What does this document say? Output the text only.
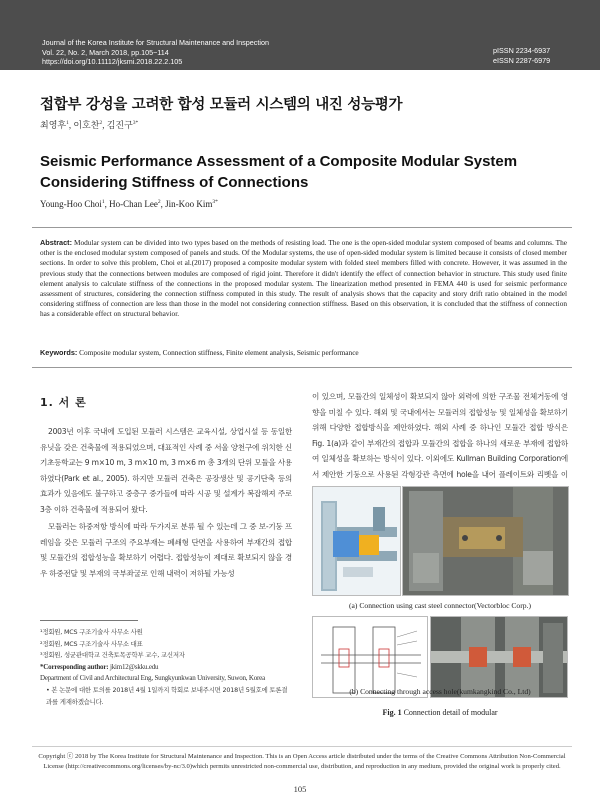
Journal of the Korea Institute for Structural Maintenance and Inspection
Vol. 22, No. 2, March 2018, pp.105~114
https://doi.org/10.11112/jksmi.2018.22.2.105
pISSN 2234-6937
eISSN 2287-6979
접합부 강성을 고려한 합성 모듈러 시스템의 내진 성능평가
최영후$^1$, 이호찬$^2$, 김진구$^{3*}$
Seismic Performance Assessment of a Composite Modular System Considering Stiffness of Connections
Young-Hoo Choi$^1$, Ho-Chan Lee$^2$, Jin-Koo Kim$^{3*}$
Abstract: Modular system can be divided into two types based on the methods of resisting load. The one is the open-sided modular system composed of beams and columns. The other is the enclosed modular system composed of panels and studs. Of the Modular systems, the use of open-sided modular system is limited because it consists of closed member sections. In order to solve this problem, Choi et al.(2017) proposed a composite modular system with folded steel members filled with concrete. However, it was assumed in the previous study that the connections between modules are composed of rigid joint. Therefore it didn't identify the effect of connection behavior in structure. This study used finite element analysis to calculate stiffness of the connections in the proposed modular system. The linearization method presented in FEMA 440 is used for seismic performance assessment of structures, considering the connection stiffness computed in this study. The result of analysis shows that the capacity and story drift ratio obtained in the model considering stiffness of connection are less than those in the model not considering connection stiffness. Based on this observation, it is concluded that the stiffness of connection has a considerable effect on structural behavior.
Keywords: Composite modular system, Connection stiffness, Finite element analysis, Seismic performance
1. 서 론
2003년 이후 국내에 도입된 모듈러 시스템은 교육시설, 상업시설 등 동일한 유닛을 갖은 건축물에 적용되었으며, 대표적인 사례 중 서울 양천구에 위치한 신기초등학교는 9 m×10 m, 3 m×10 m, 3 m×6 m 총 3개의 단위 모듈을 사용하였다(Park et al., 2005). 하지만 모듈러 건축은 공장생산 및 공기단축 등의 효과가 있음에도 불구하고 중층구 중가들에 따라 시공 및 설계가 복잡해져 주로 3층 이하 건축물에 적용되어 왔다.
모듈러는 하중저항 방식에 따라 두가지로 분류 될 수 있는데 그 중 보-기둥 프레임을 갖은 모듈러 구조의 주요부재는 폐쇄형 단면을 사용하여 부재간의 접합 및 모듈간의 접합성능을 확보하기 어렵다. 접합성능이 제대로 확보되지 않을 경우 하중전달 및 부재의 국부좌굴로 인해 내력이 저하될 가능성
이 있으며, 모듈간의 일체성이 확보되지 않아 외력에 의한 구조물 전체거동에 영향을 미칠 수 있다. 해외 및 국내에서는 모듈러의 접합성능 및 일체성을 확보하기 위해 다양한 접합방식을 제안하였다. 해외 사례 중 하나인 모듈간 접합 방식은 Fig. 1(a)과 같이 부재간의 접합과 모듈간의 접합을 하나의 새로운 부재에 접합하여 일체성을 확보하는 방식이 있다. 이외에도 Kullman Building Corporation에서 제안한 기둥으로 사용된 각형강관 측면에 hole을 내어 플레이트와 리벳을 이
¹정회원, MCS 구조기술사 사무소 사원
²정회원, MCS 구조기술사 사무소 대표
³정회원, 성균관대학교 건축토목공학부 교수, 교신저자
*Corresponding author: jkim12@skku.edu
Department of Civil and Architectural Eng, Sungkyunkwan University, Suwon, Korea
• 본 논문에 대한 토의를 2018년 4월 1일까지 학회로 보내주시면 2018년 5월호에 토론결과를 게재하겠습니다.
(a) Connection using cast steel connector(Vectorbloc Corp.)
(b) Connecting through access hole(kumkangkind Co., Ltd)
Fig. 1 Connection detail of modular
Copyright ⓒ 2018 by The Korea Institute for Structural Maintenance and Inspection. This is an Open Access article distributed under the terms of the Creative Commons Attribution Non-Commercial License (http://creativecommons.org/licenses/by-nc/3.0)which permits unrestricted non-commercial use, distribution, and reproduction in any medium, provided the original work is properly cited.
105
